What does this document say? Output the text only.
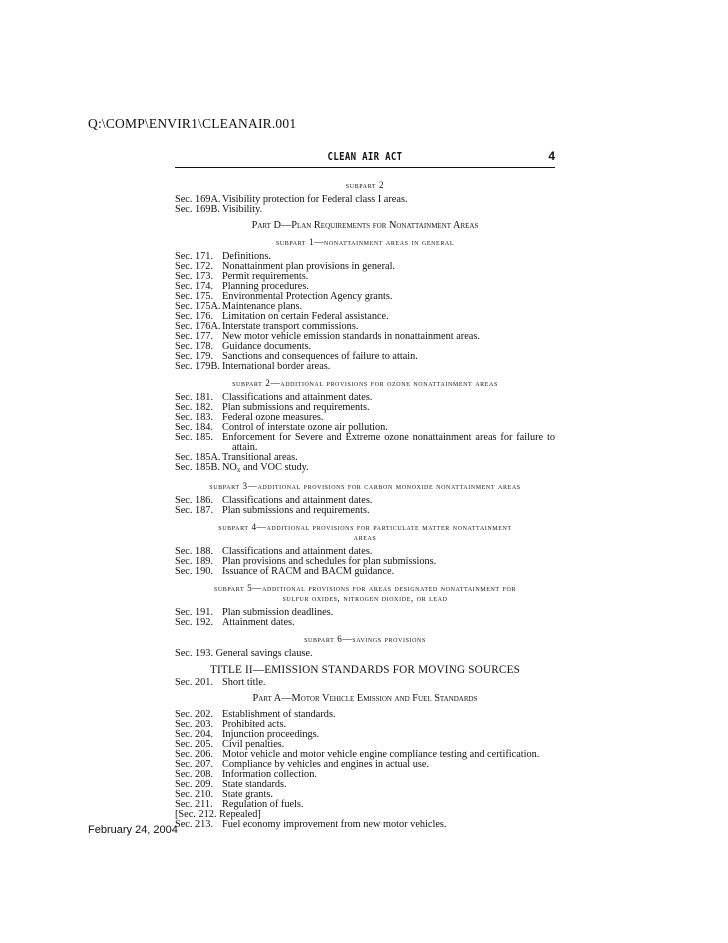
Q:\COMP\ENVIR1\CLEANAIR.001
CLEAN AIR ACT	4
subpart 2
Sec. 169A. Visibility protection for Federal class I areas.
Sec. 169B. Visibility.
Part D—Plan Requirements for Nonattainment Areas
subpart 1—nonattainment areas in general
Sec. 171. Definitions.
Sec. 172. Nonattainment plan provisions in general.
Sec. 173. Permit requirements.
Sec. 174. Planning procedures.
Sec. 175. Environmental Protection Agency grants.
Sec. 175A. Maintenance plans.
Sec. 176. Limitation on certain Federal assistance.
Sec. 176A. Interstate transport commissions.
Sec. 177. New motor vehicle emission standards in nonattainment areas.
Sec. 178. Guidance documents.
Sec. 179. Sanctions and consequences of failure to attain.
Sec. 179B. International border areas.
subpart 2—additional provisions for ozone nonattainment areas
Sec. 181. Classifications and attainment dates.
Sec. 182. Plan submissions and requirements.
Sec. 183. Federal ozone measures.
Sec. 184. Control of interstate ozone air pollution.
Sec. 185. Enforcement for Severe and Extreme ozone nonattainment areas for failure to attain.
Sec. 185A. Transitional areas.
Sec. 185B. $NO_x$ and VOC study.
subpart 3—additional provisions for carbon monoxide nonattainment areas
Sec. 186. Classifications and attainment dates.
Sec. 187. Plan submissions and requirements.
subpart 4—additional provisions for particulate matter nonattainment
areas
Sec. 188. Classifications and attainment dates.
Sec. 189. Plan provisions and schedules for plan submissions.
Sec. 190. Issuance of RACM and BACM guidance.
subpart 5—additional provisions for areas designated nonattainment for
sulfur oxides, nitrogen dioxide, or lead
Sec. 191. Plan submission deadlines.
Sec. 192. Attainment dates.
subpart 6—savings provisions
Sec. 193. General savings clause.
TITLE II—EMISSION STANDARDS FOR MOVING SOURCES
Sec. 201. Short title.
Part A—Motor Vehicle Emission and Fuel Standards
Sec. 202. Establishment of standards.
Sec. 203. Prohibited acts.
Sec. 204. Injunction proceedings.
Sec. 205. Civil penalties.
Sec. 206. Motor vehicle and motor vehicle engine compliance testing and certification.
Sec. 207. Compliance by vehicles and engines in actual use.
Sec. 208. Information collection.
Sec. 209. State standards.
Sec. 210. State grants.
Sec. 211. Regulation of fuels.
[Sec. 212. Repealed]
Sec. 213. Fuel economy improvement from new motor vehicles.
February 24, 2004
